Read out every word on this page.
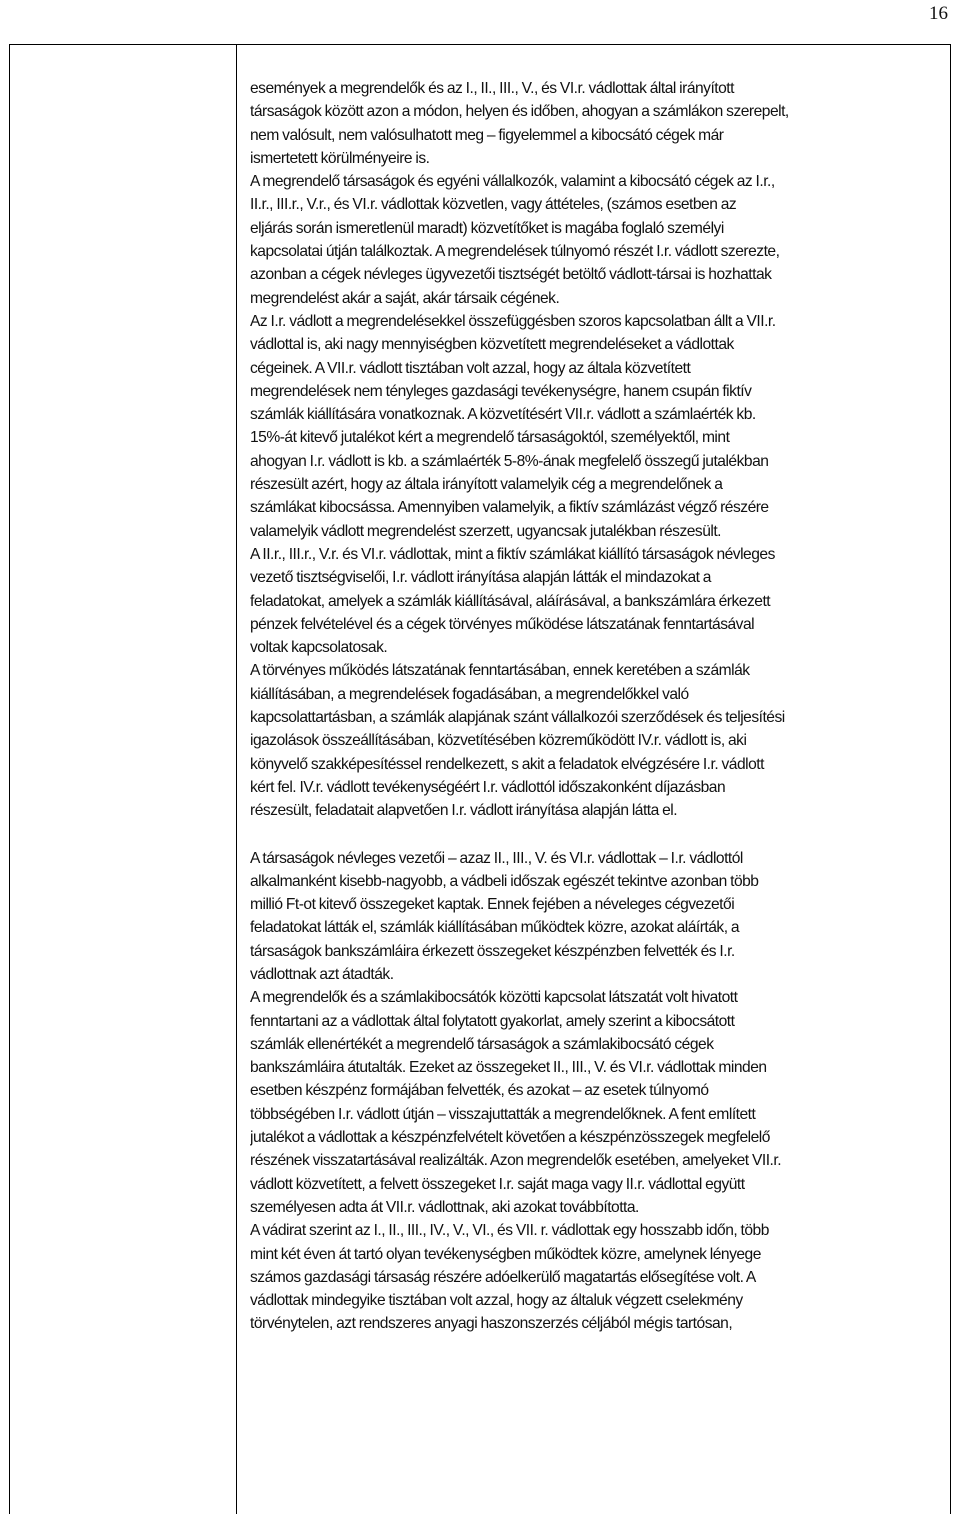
16
események a megrendelők és az I., II., III., V., és VI.r. vádlottak által irányított
társaságok között azon a módon, helyen és időben, ahogyan a számlákon szerepelt,
nem valósult, nem valósulhatott meg – figyelemmel a kibocsátó cégek már
ismertetett körülményeire is.
A megrendelő társaságok és egyéni vállalkozók, valamint a kibocsátó cégek az I.r.,
II.r., III.r., V.r., és VI.r. vádlottak közvetlen, vagy áttételes, (számos esetben az
eljárás során ismeretlenül maradt) közvetítőket is magába foglaló személyi
kapcsolatai útján találkoztak. A megrendelések túlnyomó részét I.r. vádlott szerezte,
azonban a cégek névleges ügyvezetői tisztségét betöltő vádlott-társai is hozhattak
megrendelést akár a saját, akár társaik cégének.
Az I.r. vádlott a megrendelésekkel összefüggésben szoros kapcsolatban állt a VII.r.
vádlottal is, aki nagy mennyiségben közvetített megrendeléseket a vádlottak
cégeinek. A VII.r. vádlott tisztában volt azzal, hogy az általa közvetített
megrendelések nem tényleges gazdasági tevékenységre, hanem csupán fiktív
számlák kiállítására vonatkoznak. A közvetítésért VII.r. vádlott a számlaérték kb.
15%-át kitevő jutalékot kért a megrendelő társaságoktól, személyektől, mint
ahogyan I.r. vádlott is kb. a számlaérték 5-8%-ának megfelelő összegű jutalékban
részesült azért, hogy az általa irányított valamelyik cég a megrendelőnek a
számlákat kibocsássa. Amennyiben valamelyik, a fiktív számlázást végző részére
valamelyik vádlott megrendelést szerzett, ugyancsak jutalékban részesült.
A II.r., III.r., V.r. és VI.r. vádlottak, mint a fiktív számlákat kiállító társaságok névleges
vezető tisztségviselői, I.r. vádlott irányítása alapján látták el mindazokat a
feladatokat, amelyek a számlák kiállításával, aláírásával, a bankszámlára érkezett
pénzek felvételével és a cégek törvényes működése látszatának fenntartásával
voltak kapcsolatosak.
A törvényes működés látszatának fenntartásában, ennek keretében a számlák
kiállításában, a megrendelések fogadásában, a megrendelőkkel való
kapcsolattartásban, a számlák alapjának szánt vállalkozói szerződések és teljesítési
igazolások összeállításában, közvetítésében közreműködött IV.r. vádlott is, aki
könyvelő szakképesítéssel rendelkezett, s akit a feladatok elvégzésére I.r. vádlott
kért fel. IV.r. vádlott tevékenységéért I.r. vádlottól időszakonként díjazásban
részesült, feladatait alapvetően I.r. vádlott irányítása alapján látta el.
A társaságok névleges vezetői – azaz II., III., V. és VI.r. vádlottak – I.r. vádlottól
alkalmanként kisebb-nagyobb, a vádbeli időszak egészét tekintve azonban több
millió Ft-ot kitevő összegeket kaptak. Ennek fejében a néveleges cégvezetői
feladatokat látták el, számlák kiállításában működtek közre, azokat aláírták, a
társaságok bankszámláira érkezett összegeket készpénzben felvették és I.r.
vádlottnak azt átadták.
A megrendelők és a számlakibocsátók közötti kapcsolat látszatát volt hivatott
fenntartani az a vádlottak által folytatott gyakorlat, amely szerint a kibocsátott
számlák ellenértékét a megrendelő társaságok a számlakibocsátó cégek
bankszámláira átutalták. Ezeket az összegeket II., III., V. és VI.r. vádlottak minden
esetben készpénz formájában felvették, és azokat – az esetek túlnyomó
többségében I.r. vádlott útján – visszajuttatták a megrendelőknek. A fent említett
jutalékot a vádlottak a készpénzfelvételt követően a készpénzösszegek megfelelő
részének visszatartásával realizálták. Azon megrendelők esetében, amelyeket VII.r.
vádlott közvetített, a felvett összegeket I.r. saját maga vagy II.r. vádlottal együtt
személyesen adta át VII.r. vádlottnak, aki azokat továbbította.
A vádirat szerint az I., II., III., IV., V., VI., és VII. r. vádlottak egy hosszabb időn, több
mint két éven át tartó olyan tevékenységben működtek közre, amelynek lényege
számos gazdasági társaság részére adóelkerülő magatartás elősegítése volt. A
vádlottak mindegyike tisztában volt azzal, hogy az általuk végzett cselekmény
törvénytelen, azt rendszeres anyagi haszonszerzés céljából mégis tartósan,
